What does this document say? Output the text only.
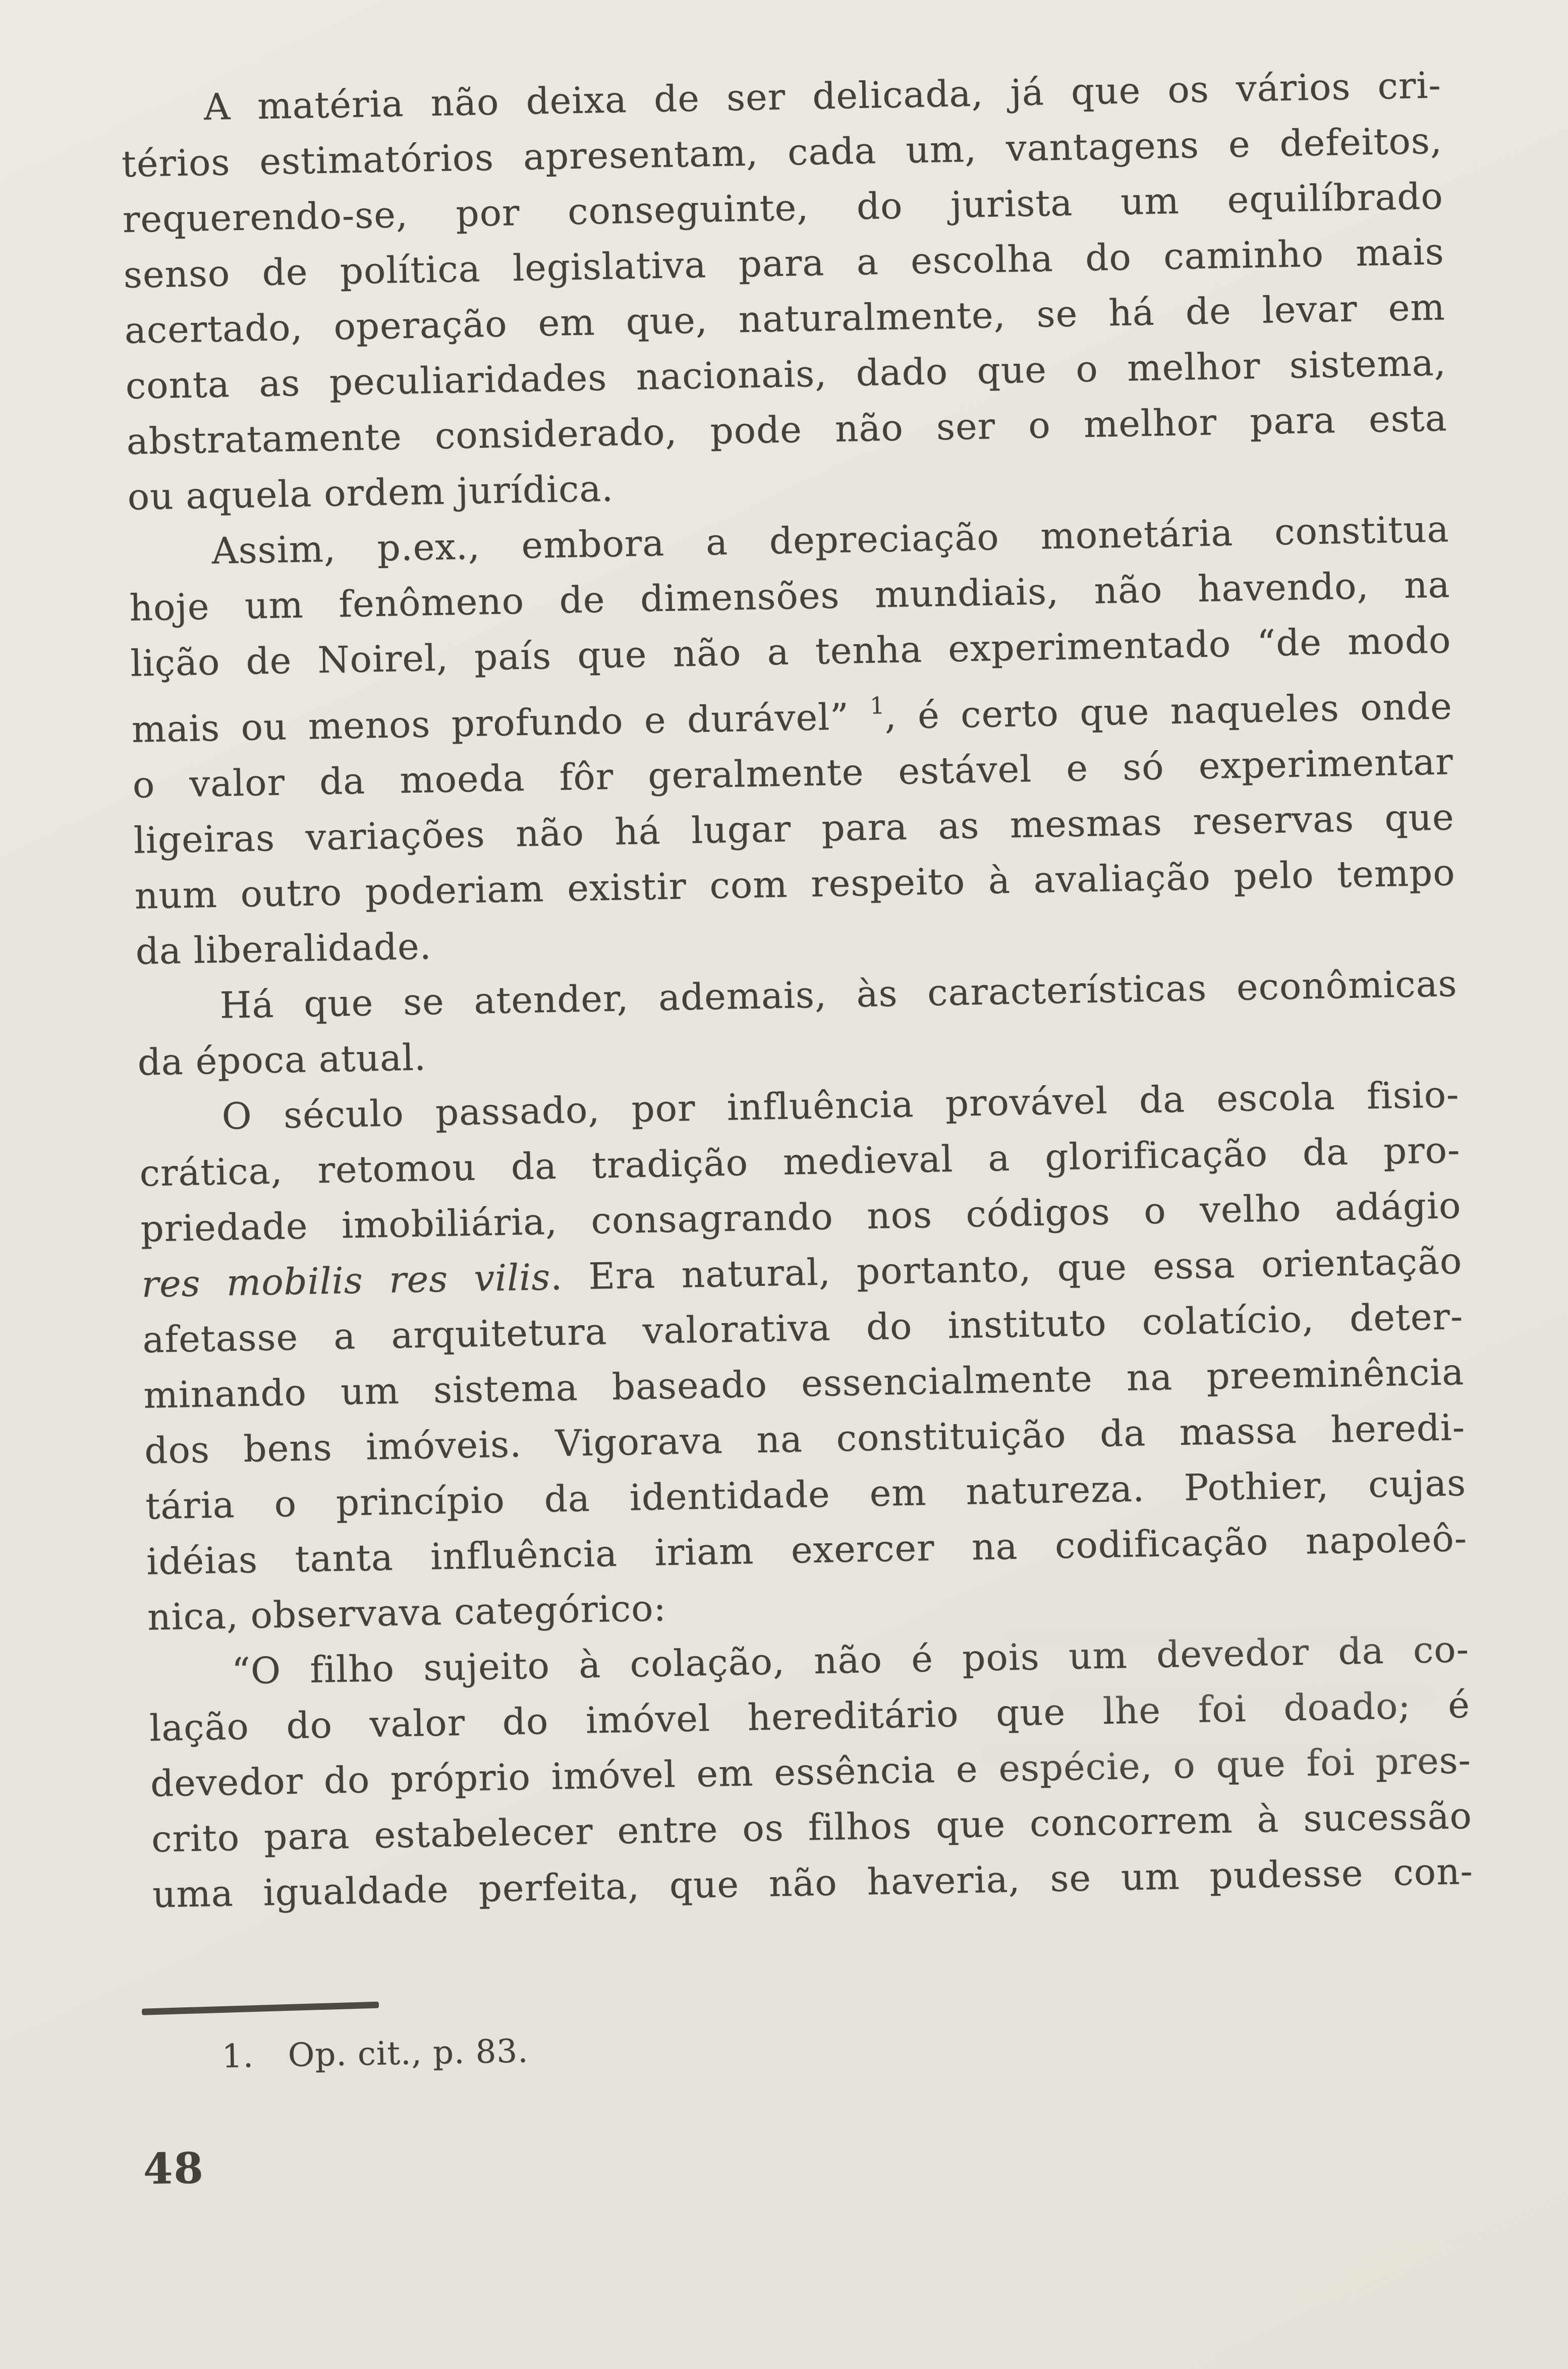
A matéria não deixa de ser delicada, já que os vários cri-
térios estimatórios apresentam, cada um, vantagens e defeitos,
requerendo-se, por conseguinte, do jurista um equilíbrado
senso de política legislativa para a escolha do caminho mais
acertado, operação em que, naturalmente, se há de levar em
conta as peculiaridades nacionais, dado que o melhor sistema,
abstratamente considerado, pode não ser o melhor para esta
ou aquela ordem jurídica.
Assim, p.ex., embora a depreciação monetária constitua
hoje um fenômeno de dimensões mundiais, não havendo, na
lição de Noirel, país que não a tenha experimentado “de modo
mais ou menos profundo e durável” $^1$, é certo que naqueles onde
o valor da moeda fôr geralmente estável e só experimentar
ligeiras variações não há lugar para as mesmas reservas que
num outro poderiam existir com respeito à avaliação pelo tempo
da liberalidade.
Há que se atender, ademais, às características econômicas
da época atual.
O século passado, por influência provável da escola fisio-
crática, retomou da tradição medieval a glorificação da pro-
priedade imobiliária, consagrando nos códigos o velho adágio
res mobilis res vilis. Era natural, portanto, que essa orientação
afetasse a arquitetura valorativa do instituto colatício, deter-
minando um sistema baseado essencialmente na preeminência
dos bens imóveis. Vigorava na constituição da massa heredi-
tária o princípio da identidade em natureza. Pothier, cujas
idéias tanta influência iriam exercer na codificação napoleô-
nica, observava categórico:
“O filho sujeito à colação, não é pois um devedor da co-
lação do valor do imóvel hereditário que lhe foi doado; é
devedor do próprio imóvel em essência e espécie, o que foi pres-
crito para estabelecer entre os filhos que concorrem à sucessão
uma igualdade perfeita, que não haveria, se um pudesse con-
1. Op. cit., p. 83.
48
